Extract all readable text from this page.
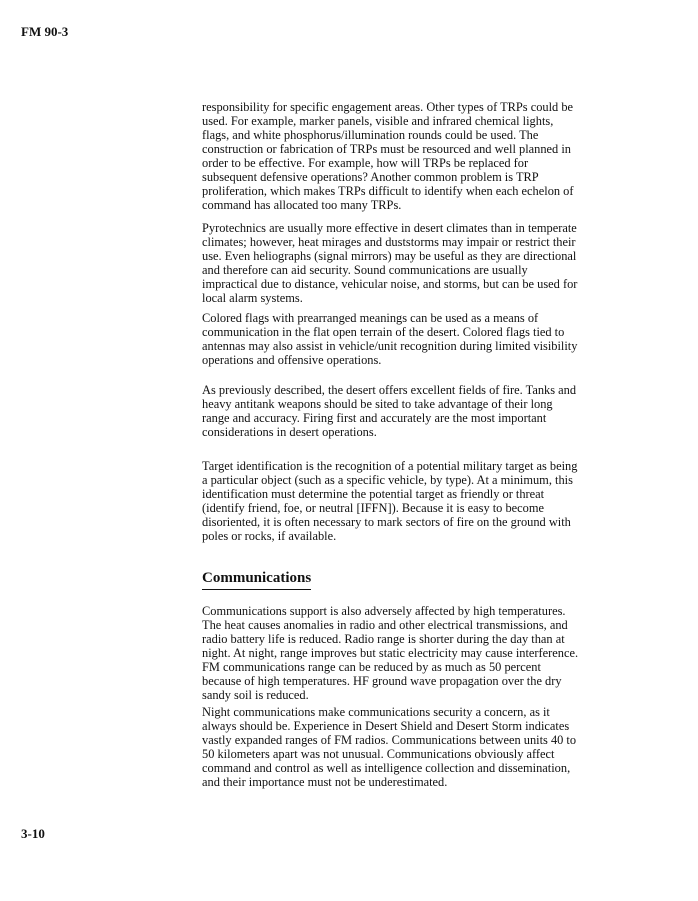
FM 90-3

responsibility for specific engagement areas. Other types of TRPs could be used. For example, marker panels, visible and infrared chemical lights, flags, and white phosphorus/illumination rounds could be used. The construction or fabrication of TRPs must be resourced and well planned in order to be effective. For example, how will TRPs be replaced for subsequent defensive operations? Another common problem is TRP proliferation, which makes TRPs difficult to identify when each echelon of command has allocated too many TRPs.

Pyrotechnics are usually more effective in desert climates than in temperate climates; however, heat mirages and duststorms may impair or restrict their use. Even heliographs (signal mirrors) may be useful as they are directional and therefore can aid security. Sound communications are usually impractical due to distance, vehicular noise, and storms, but can be used for local alarm systems.

Colored flags with prearranged meanings can be used as a means of communication in the flat open terrain of the desert. Colored flags tied to antennas may also assist in vehicle/unit recognition during limited visibility operations and offensive operations.

As previously described, the desert offers excellent fields of fire. Tanks and heavy antitank weapons should be sited to take advantage of their long range and accuracy. Firing first and accurately are the most important considerations in desert operations.

Target identification is the recognition of a potential military target as being a particular object (such as a specific vehicle, by type). At a minimum, this identification must determine the potential target as friendly or threat (identify friend, foe, or neutral [IFFN]). Because it is easy to become disoriented, it is often necessary to mark sectors of fire on the ground with poles or rocks, if available.

Communications

Communications support is also adversely affected by high temperatures. The heat causes anomalies in radio and other electrical transmissions, and radio battery life is reduced. Radio range is shorter during the day than at night. At night, range improves but static electricity may cause interference. FM communications range can be reduced by as much as 50 percent because of high temperatures. HF ground wave propagation over the dry sandy soil is reduced.

Night communications make communications security a concern, as it always should be. Experience in Desert Shield and Desert Storm indicates vastly expanded ranges of FM radios. Communications between units 40 to 50 kilometers apart was not unusual. Communications obviously affect command and control as well as intelligence collection and dissemination, and their importance must not be underestimated.

3-10
